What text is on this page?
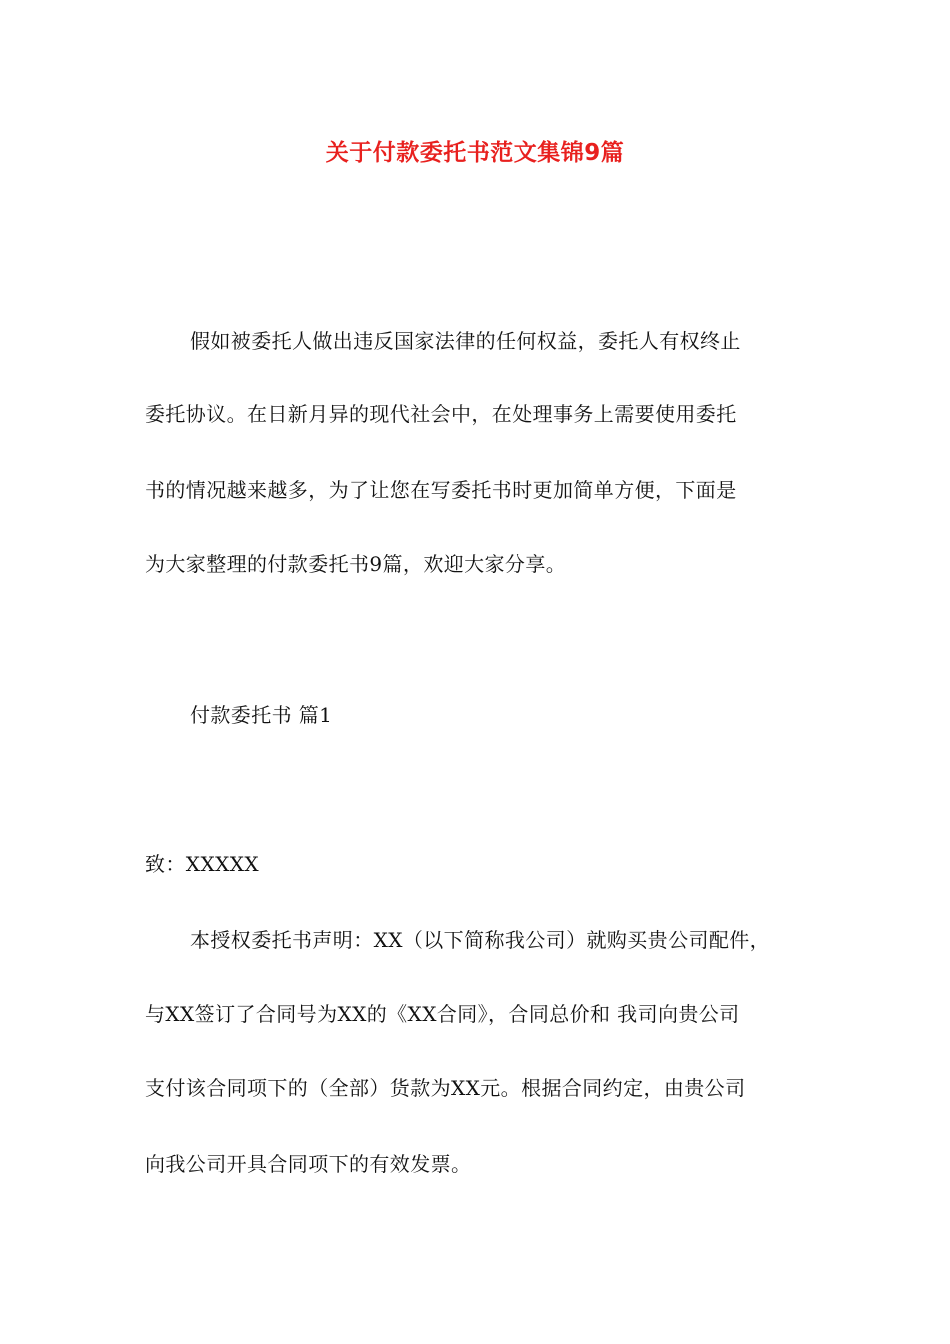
关于付款委托书范文集锦9篇
假如被委托人做出违反国家法律的任何权益，委托人有权终止
委托协议。在日新月异的现代社会中，在处理事务上需要使用委托
书的情况越来越多，为了让您在写委托书时更加简单方便，下面是
为大家整理的付款委托书9篇，欢迎大家分享。
付款委托书 篇1
致：XXXXX
本授权委托书声明：XX（以下简称我公司）就购买贵公司配件，
与XX签订了合同号为XX的《XX合同》，合同总价和 我司向贵公司
支付该合同项下的（全部）货款为XX元。根据合同约定，由贵公司
向我公司开具合同项下的有效发票。
